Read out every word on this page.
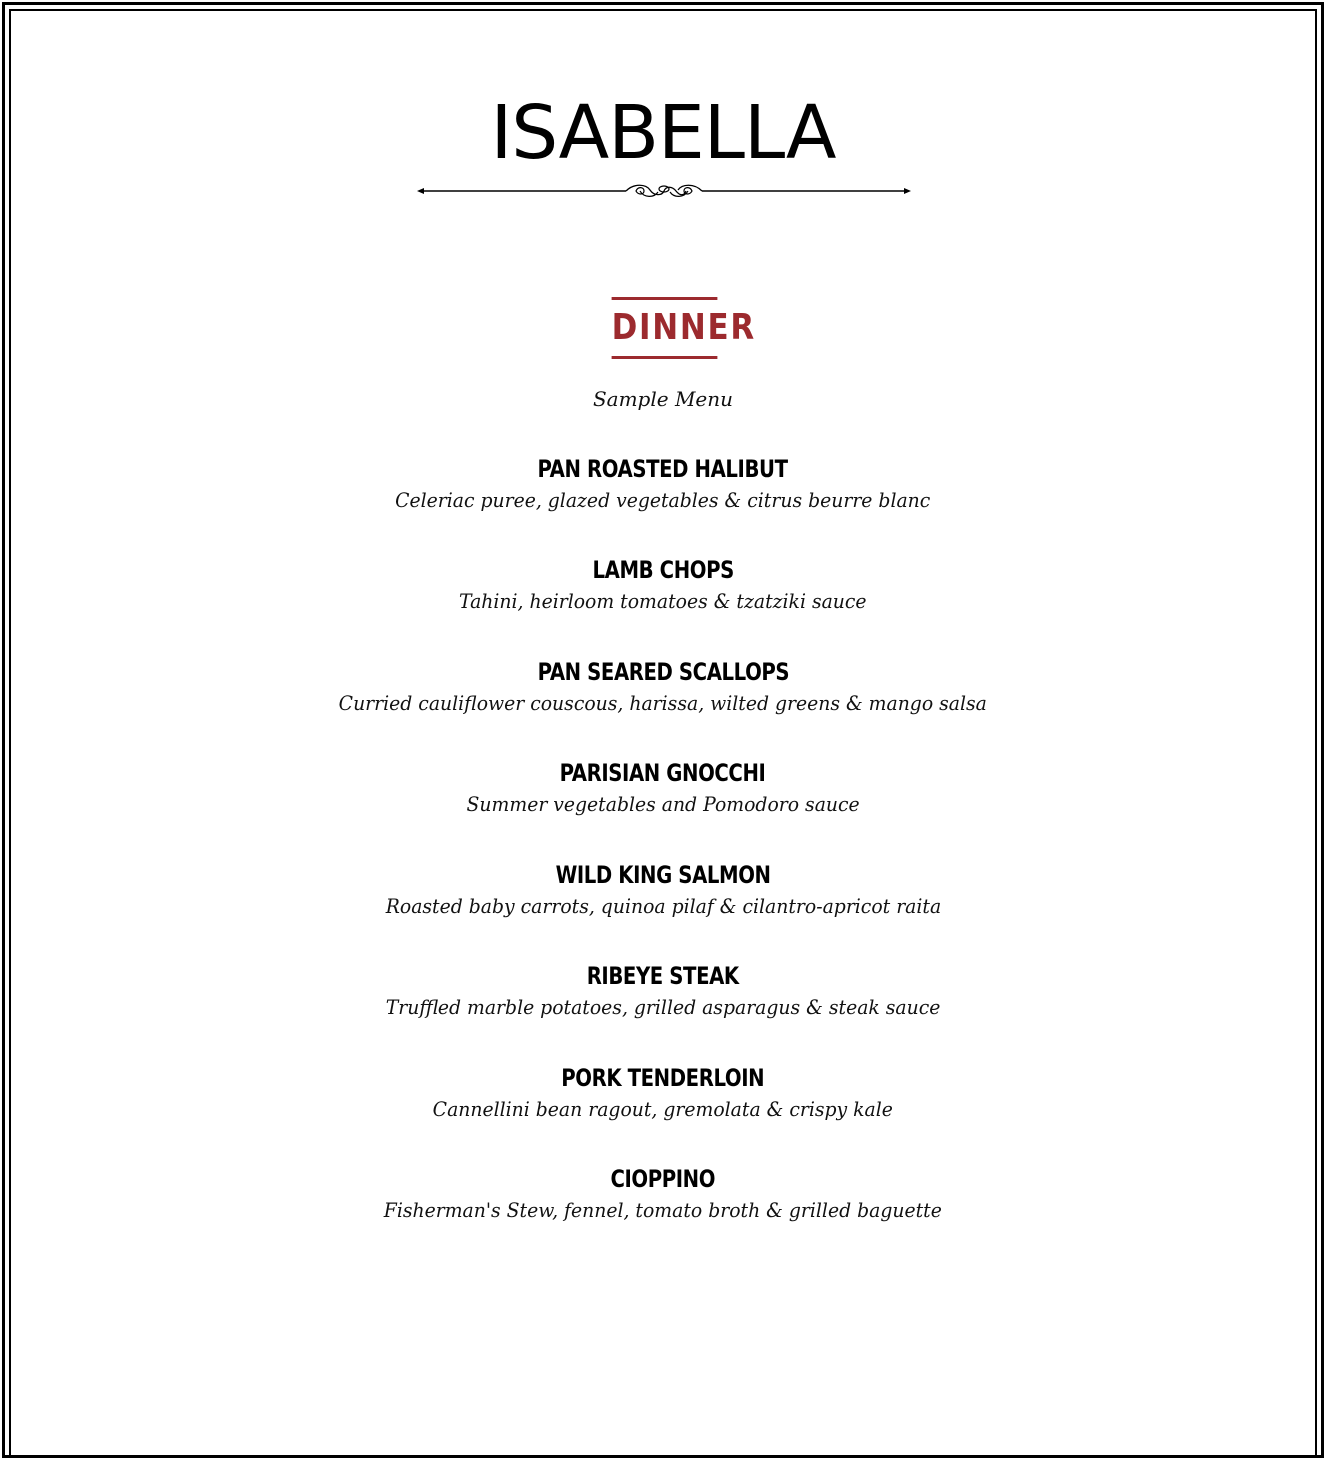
ISABELLA
DINNER
Sample Menu
PAN ROASTED HALIBUT
Celeriac puree, glazed vegetables & citrus beurre blanc
LAMB CHOPS
Tahini, heirloom tomatoes & tzatziki sauce
PAN SEARED SCALLOPS
Curried cauliflower couscous, harissa, wilted greens & mango salsa
PARISIAN GNOCCHI
Summer vegetables and Pomodoro sauce
WILD KING SALMON
Roasted baby carrots, quinoa pilaf & cilantro-apricot raita
RIBEYE STEAK
Truffled marble potatoes, grilled asparagus & steak sauce
PORK TENDERLOIN
Cannellini bean ragout, gremolata & crispy kale
CIOPPINO
Fisherman's Stew, fennel, tomato broth & grilled baguette
